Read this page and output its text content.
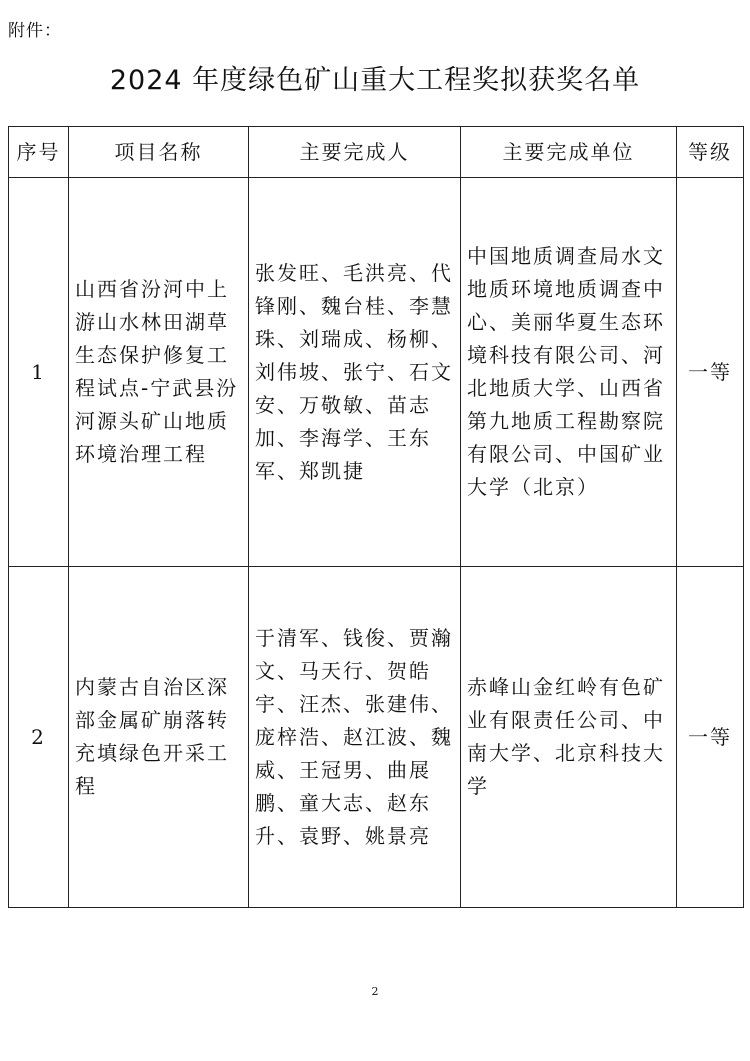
附件：
2024 年度绿色矿山重大工程奖拟获奖名单
序号	项目名称	主要完成人	主要完成单位	等级
1	山西省汾河中上游山水林田湖草生态保护修复工程试点-宁武县汾河源头矿山地质环境治理工程	张发旺、毛洪亮、代锋刚、魏台桂、李慧珠、刘瑞成、杨柳、刘伟坡、张宁、石文安、万敬敏、苗志加、李海学、王东军、郑凯捷	中国地质调查局水文地质环境地质调查中心、美丽华夏生态环境科技有限公司、河北地质大学、山西省第九地质工程勘察院有限公司、中国矿业大学（北京）	一等
2	内蒙古自治区深部金属矿崩落转充填绿色开采工程	于清军、钱俊、贾瀚文、马天行、贺皓宇、汪杰、张建伟、庞梓浩、赵江波、魏威、王冠男、曲展鹏、童大志、赵东升、袁野、姚景亮	赤峰山金红岭有色矿业有限责任公司、中南大学、北京科技大学	一等
2
